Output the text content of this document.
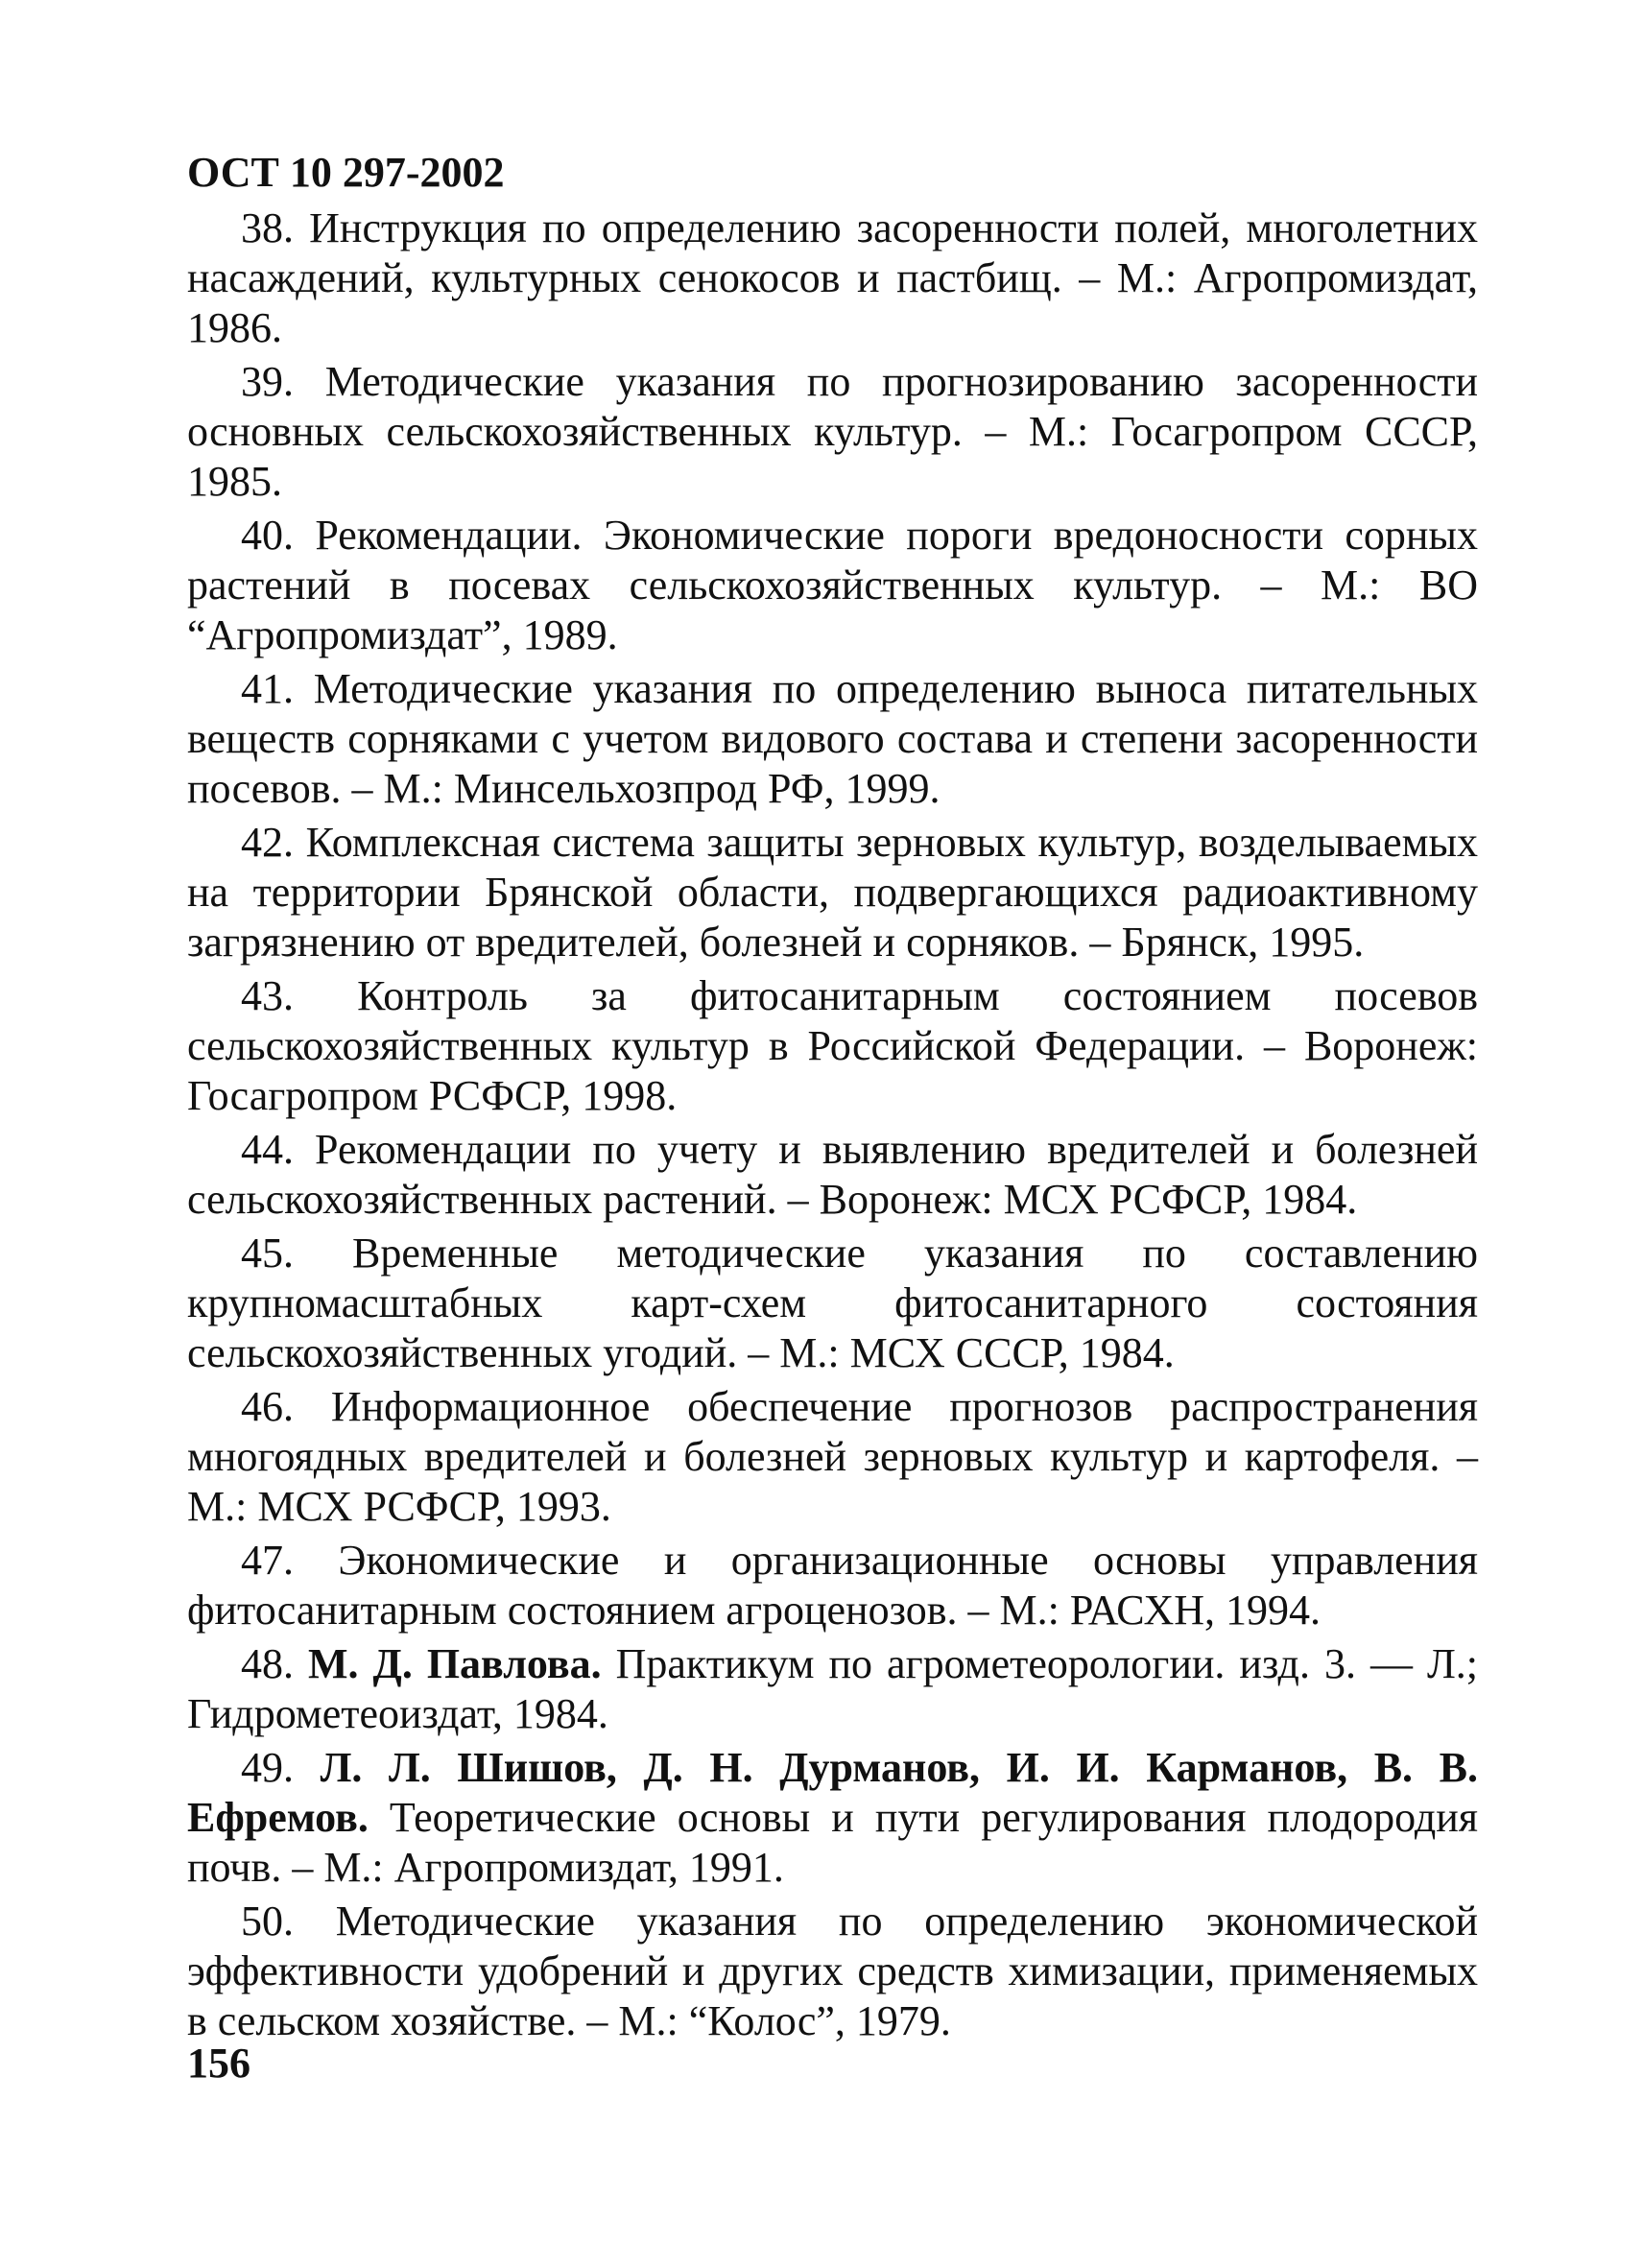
ОСТ 10 297-2002
38. Инструкция по определению засоренности полей, многолетних насаждений, культурных сенокосов и пастбищ. – М.: Агропромиздат, 1986.
39. Методические указания по прогнозированию засоренности основных сельскохозяйственных культур. – М.: Госагропром СССР, 1985.
40. Рекомендации. Экономические пороги вредоносности сорных растений в посевах сельскохозяйственных культур. – М.: ВО “Агропромиздат”, 1989.
41. Методические указания по определению выноса питательных веществ сорняками с учетом видового состава и степени засоренности посевов. – М.: Минсельхозпрод РФ, 1999.
42. Комплексная система защиты зерновых культур, возделываемых на территории Брянской области, подвергающихся радиоактивному загрязнению от вредителей, болезней и сорняков. – Брянск, 1995.
43. Контроль за фитосанитарным состоянием посевов сельскохозяйственных культур в Российской Федерации. – Воронеж: Госагропром РСФСР, 1998.
44. Рекомендации по учету и выявлению вредителей и болезней сельскохозяйственных растений. – Воронеж: МСХ РСФСР, 1984.
45. Временные методические указания по составлению крупномасштабных карт-схем фитосанитарного состояния сельскохозяйственных угодий. – М.: МСХ СССР, 1984.
46. Информационное обеспечение прогнозов распространения многоядных вредителей и болезней зерновых культур и картофеля. – М.: МСХ РСФСР, 1993.
47. Экономические и организационные основы управления фитосанитарным состоянием агроценозов. – М.: РАСХН, 1994.
48. М. Д. Павлова. Практикум по агрометеорологии. изд. 3. — Л.; Гидрометеоиздат, 1984.
49. Л. Л. Шишов, Д. Н. Дурманов, И. И. Карманов, В. В. Ефремов. Теоретические основы и пути регулирования плодородия почв. – М.: Агропромиздат, 1991.
50. Методические указания по определению экономической эффективности удобрений и других средств химизации, применяемых в сельском хозяйстве. – М.: “Колос”, 1979.
156
